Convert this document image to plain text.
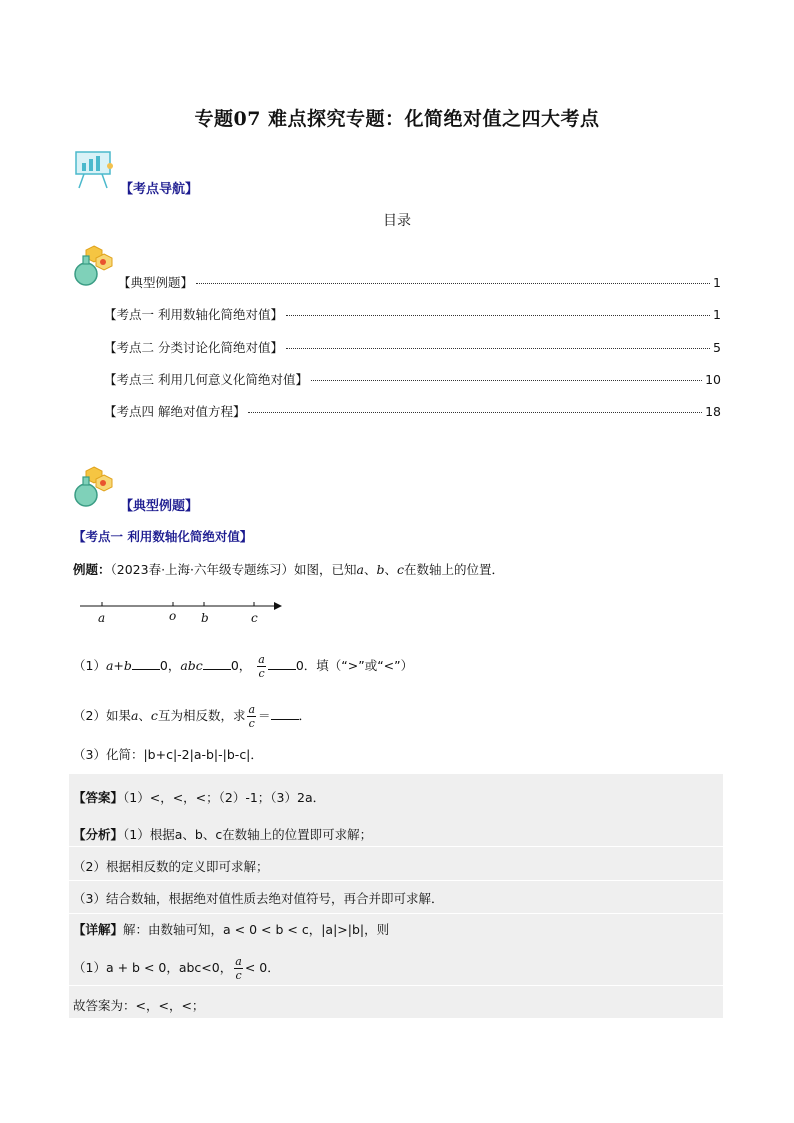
专题07 难点探究专题：化简绝对值之四大考点
【考点导航】
目录
【典型例题】	1
【考点一 利用数轴化简绝对值】	1
【考点二 分类讨论化简绝对值】	5
【考点三 利用几何意义化简绝对值】	10
【考点四 解绝对值方程】	18
【典型例题】
【考点一 利用数轴化简绝对值】
例题：（2023春·上海·六年级专题练习）如图，已知a、b、c在数轴上的位置．
a	o b	c
（1）a+b 0，abc 0， $\frac{a}{c} 0$．填（“>”或“<”）
（2）如果a、c互为相反数，求 $\frac{a}{c}$ ＝ ．
（3）化简：|b+c|-2|a-b|-|b-c|．
【答案】（1）<，<，<；（2）-1；（3）2a．
【分析】（1）根据a、b、c在数轴上的位置即可求解；
（2）根据相反数的定义即可求解；
（3）结合数轴，根据绝对值性质去绝对值符号，再合并即可求解．
【详解】解：由数轴可知，a < 0 < b < c，|a|>|b|，则
（1）a + b < 0，abc<0， $\frac{a}{c} < 0$．
故答案为：<，<，<；
